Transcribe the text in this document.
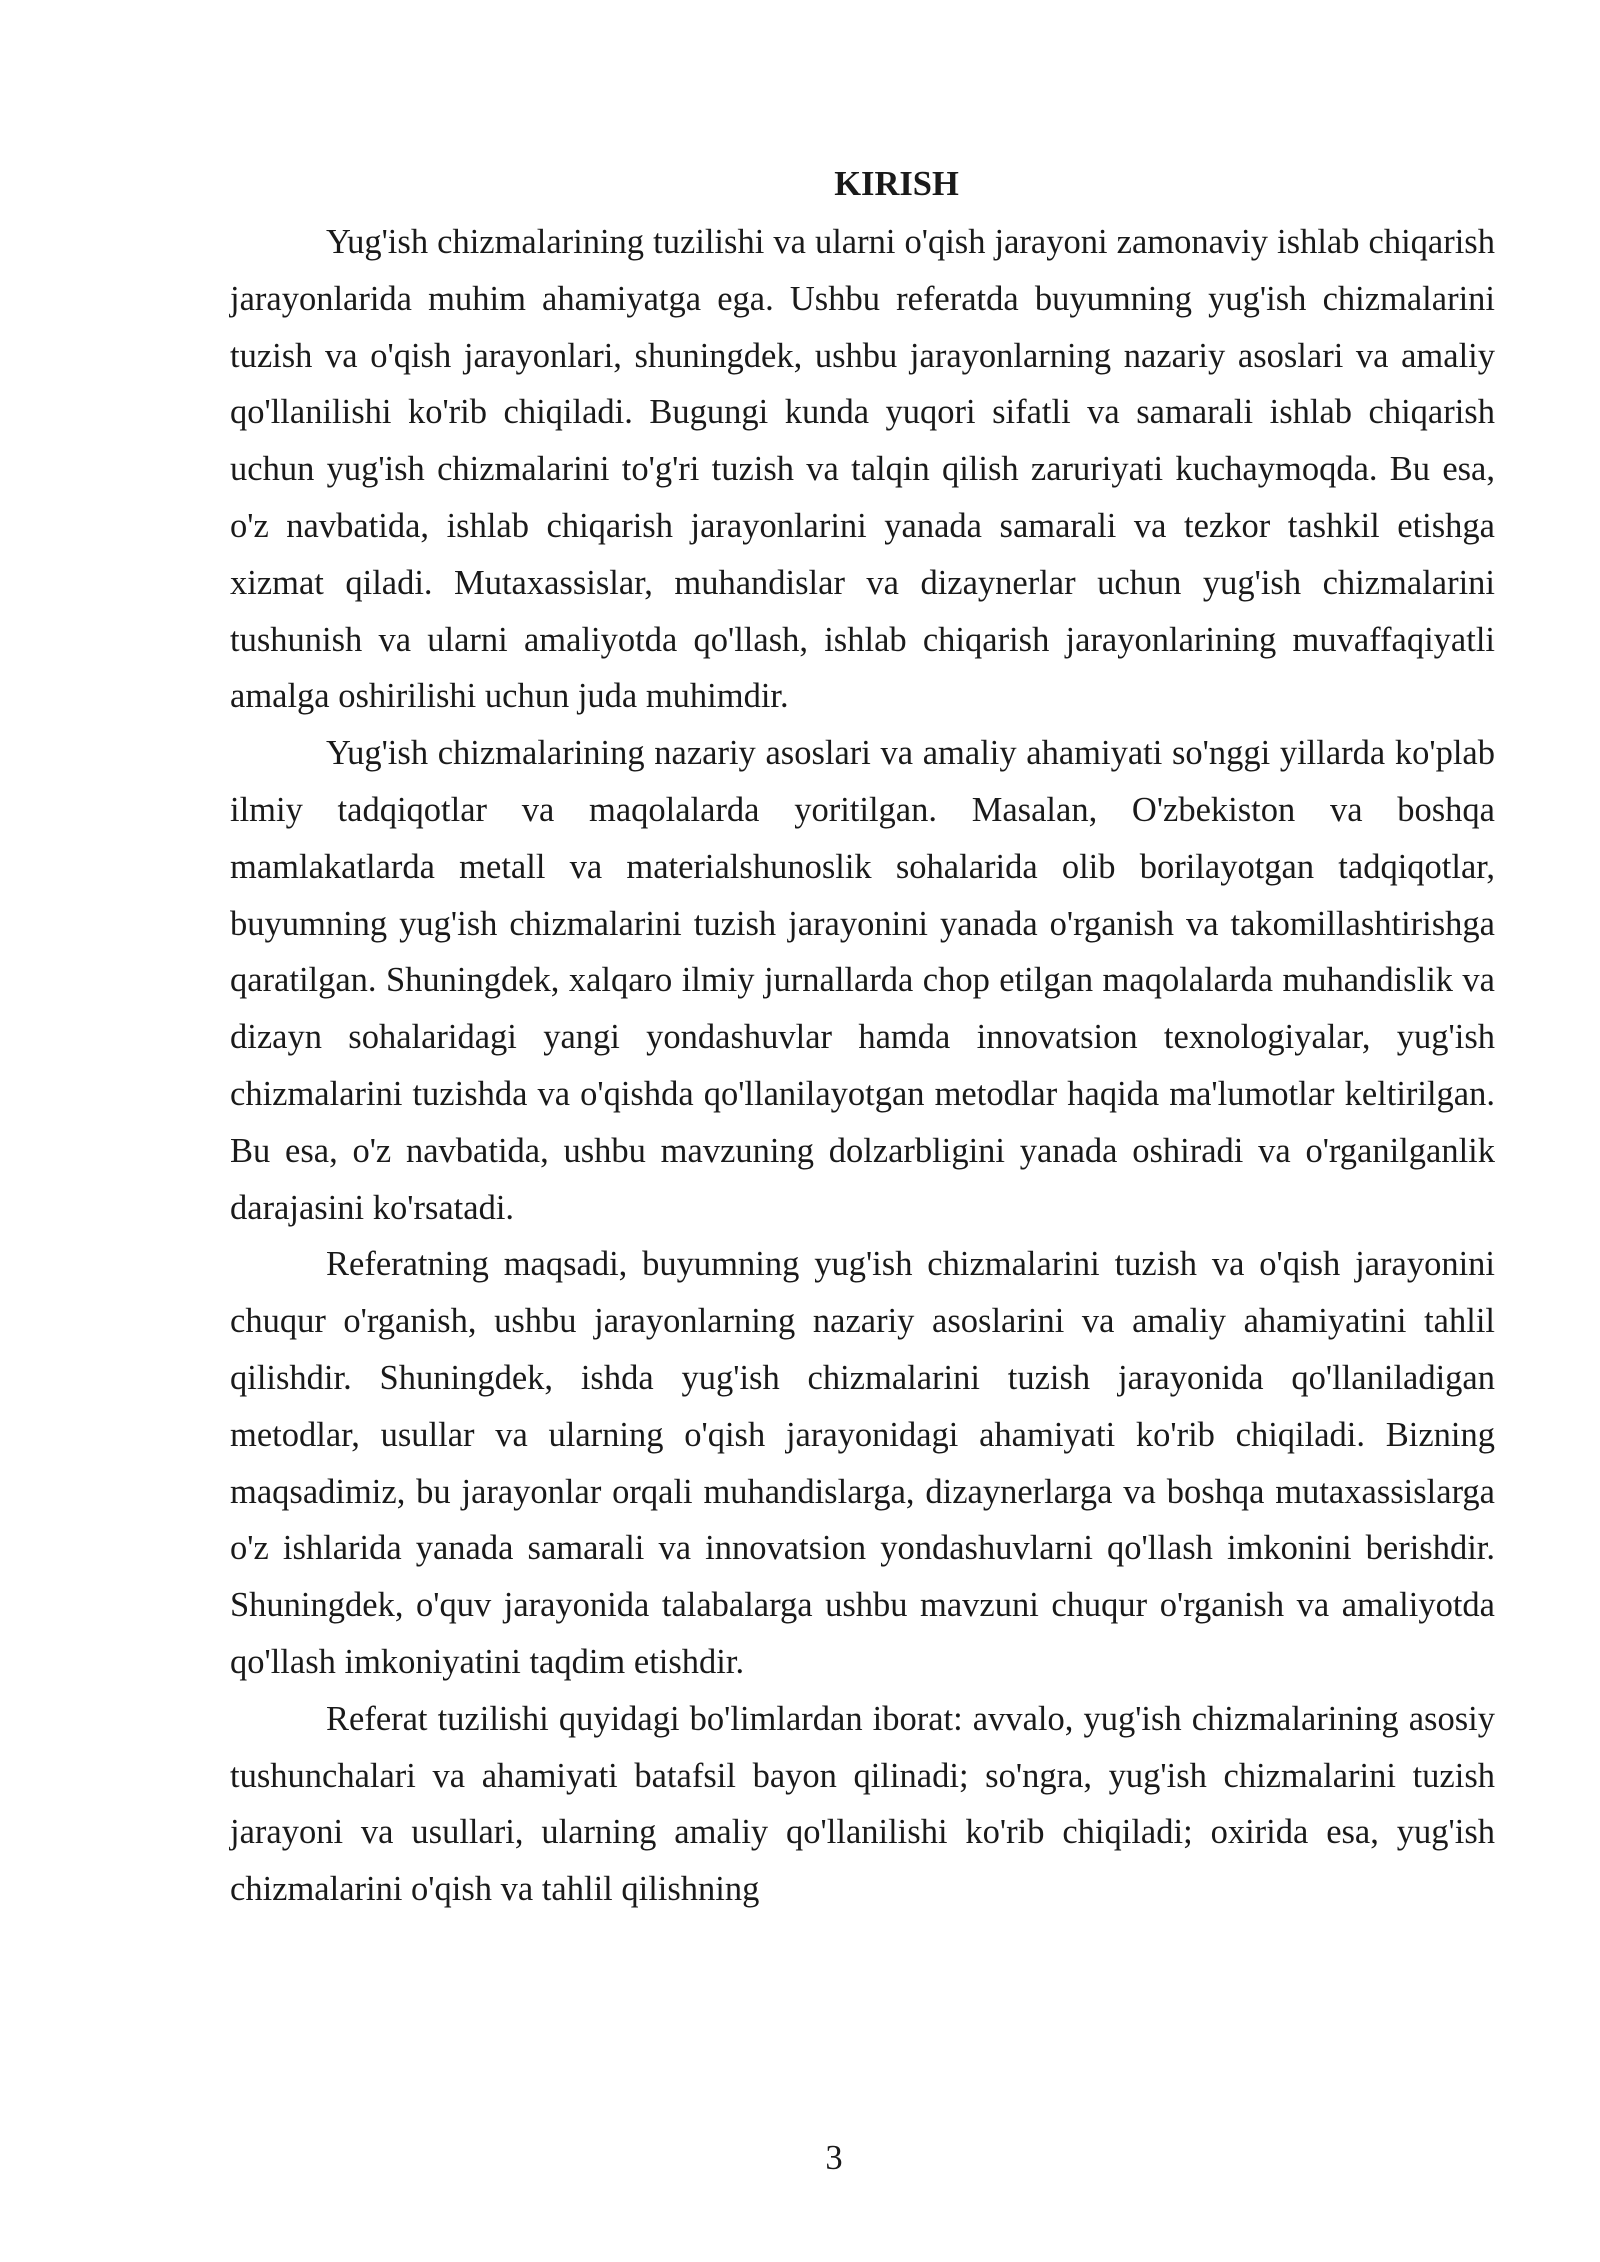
KIRISH

Yug'ish chizmalarining tuzilishi va ularni o'qish jarayoni zamonaviy ishlab chiqarish jarayonlarida muhim ahamiyatga ega. Ushbu referatda buyumning yug'ish chizmalarini tuzish va o'qish jarayonlari, shuningdek, ushbu jarayonlarning nazariy asoslari va amaliy qo'llanilishi ko'rib chiqiladi. Bugungi kunda yuqori sifatli va samarali ishlab chiqarish uchun yug'ish chizmalarini to'g'ri tuzish va talqin qilish zaruriyati kuchaymoqda. Bu esa, o'z navbatida, ishlab chiqarish jarayonlarini yanada samarali va tezkor tashkil etishga xizmat qiladi. Mutaxassislar, muhandislar va dizaynerlar uchun yug'ish chizmalarini tushunish va ularni amaliyotda qo'llash, ishlab chiqarish jarayonlarining muvaffaqiyatli amalga oshirilishi uchun juda muhimdir.

Yug'ish chizmalarining nazariy asoslari va amaliy ahamiyati so'nggi yillarda ko'plab ilmiy tadqiqotlar va maqolalarda yoritilgan. Masalan, O'zbekiston va boshqa mamlakatlarda metall va materialshunoslik sohalarida olib borilayotgan tadqiqotlar, buyumning yug'ish chizmalarini tuzish jarayonini yanada o'rganish va takomillashtirishga qaratilgan. Shuningdek, xalqaro ilmiy jurnallarda chop etilgan maqolalarda muhandislik va dizayn sohalaridagi yangi yondashuvlar hamda innovatsion texnologiyalar, yug'ish chizmalarini tuzishda va o'qishda qo'llanilayotgan metodlar haqida ma'lumotlar keltirilgan. Bu esa, o'z navbatida, ushbu mavzuning dolzarbligini yanada oshiradi va o'rganilganlik darajasini ko'rsatadi.

Referatning maqsadi, buyumning yug'ish chizmalarini tuzish va o'qish jarayonini chuqur o'rganish, ushbu jarayonlarning nazariy asoslarini va amaliy ahamiyatini tahlil qilishdir. Shuningdek, ishda yug'ish chizmalarini tuzish jarayonida qo'llaniladigan metodlar, usullar va ularning o'qish jarayonidagi ahamiyati ko'rib chiqiladi. Bizning maqsadimiz, bu jarayonlar orqali muhandislarga, dizaynerlarga va boshqa mutaxassislarga o'z ishlarida yanada samarali va innovatsion yondashuvlarni qo'llash imkonini berishdir. Shuningdek, o'quv jarayonida talabalarga ushbu mavzuni chuqur o'rganish va amaliyotda qo'llash imkoniyatini taqdim etishdir.

Referat tuzilishi quyidagi bo'limlardan iborat: avvalo, yug'ish chizmalarining asosiy tushunchalari va ahamiyati batafsil bayon qilinadi; so'ngra, yug'ish chizmalarini tuzish jarayoni va usullari, ularning amaliy qo'llanilishi ko'rib chiqiladi; oxirida esa, yug'ish chizmalarini o'qish va tahlil qilishning

3
